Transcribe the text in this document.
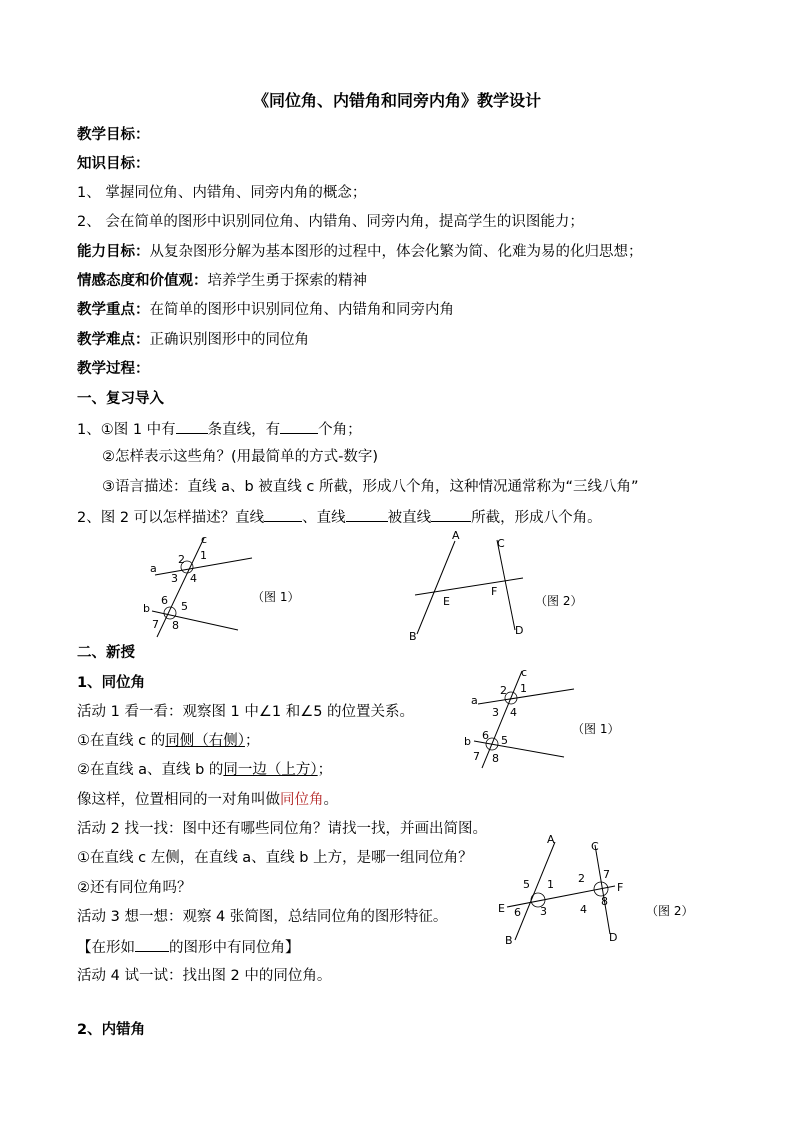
《同位角、内错角和同旁内角》教学设计
教学目标：
知识目标：
1、 掌握同位角、内错角、同旁内角的概念；
2、 会在简单的图形中识别同位角、内错角、同旁内角，提高学生的识图能力；
能力目标：从复杂图形分解为基本图形的过程中，体会化繁为简、化难为易的化归思想；
情感态度和价值观：培养学生勇于探索的精神
教学重点：在简单的图形中识别同位角、内错角和同旁内角
教学难点：正确识别图形中的同位角
教学过程：
一、复习导入
1、①图 1 中有 条直线，有	个角；
②怎样表示这些角？(用最简单的方式-数字)
③语言描述：直线 a、b 被直线 c 所截，形成八个角，这种情况通常称为“三线八角”
2、图 2 可以怎样描述？直线	、直线	被直线	所截，形成八个角。
c
a
b
2 1
3 4
6 5
7 8
（图 1）
A
B
C
D
E
F
（图 2）
二、新授
1、同位角
活动 1 看一看：观察图 1 中∠1 和∠5 的位置关系。
①在直线 c 的同侧（右侧）；
②在直线 a、直线 b 的同一边（上方）；
像这样，位置相同的一对角叫做同位角。
活动 2 找一找：图中还有哪些同位角？请找一找，并画出简图。
①在直线 c 左侧，在直线 a、直线 b 上方，是哪一组同位角？
②还有同位角吗？
活动 3 想一想：观察 4 张简图，总结同位角的图形特征。
【在形如 的图形中有同位角】
活动 4 试一试：找出图 2 中的同位角。
2、内错角
c
a
b
2 1
3 4
6 5
7 8
（图 1）
A
B
C
D
E
F
5 1
6 3
2 7
4
8
（图 2）
